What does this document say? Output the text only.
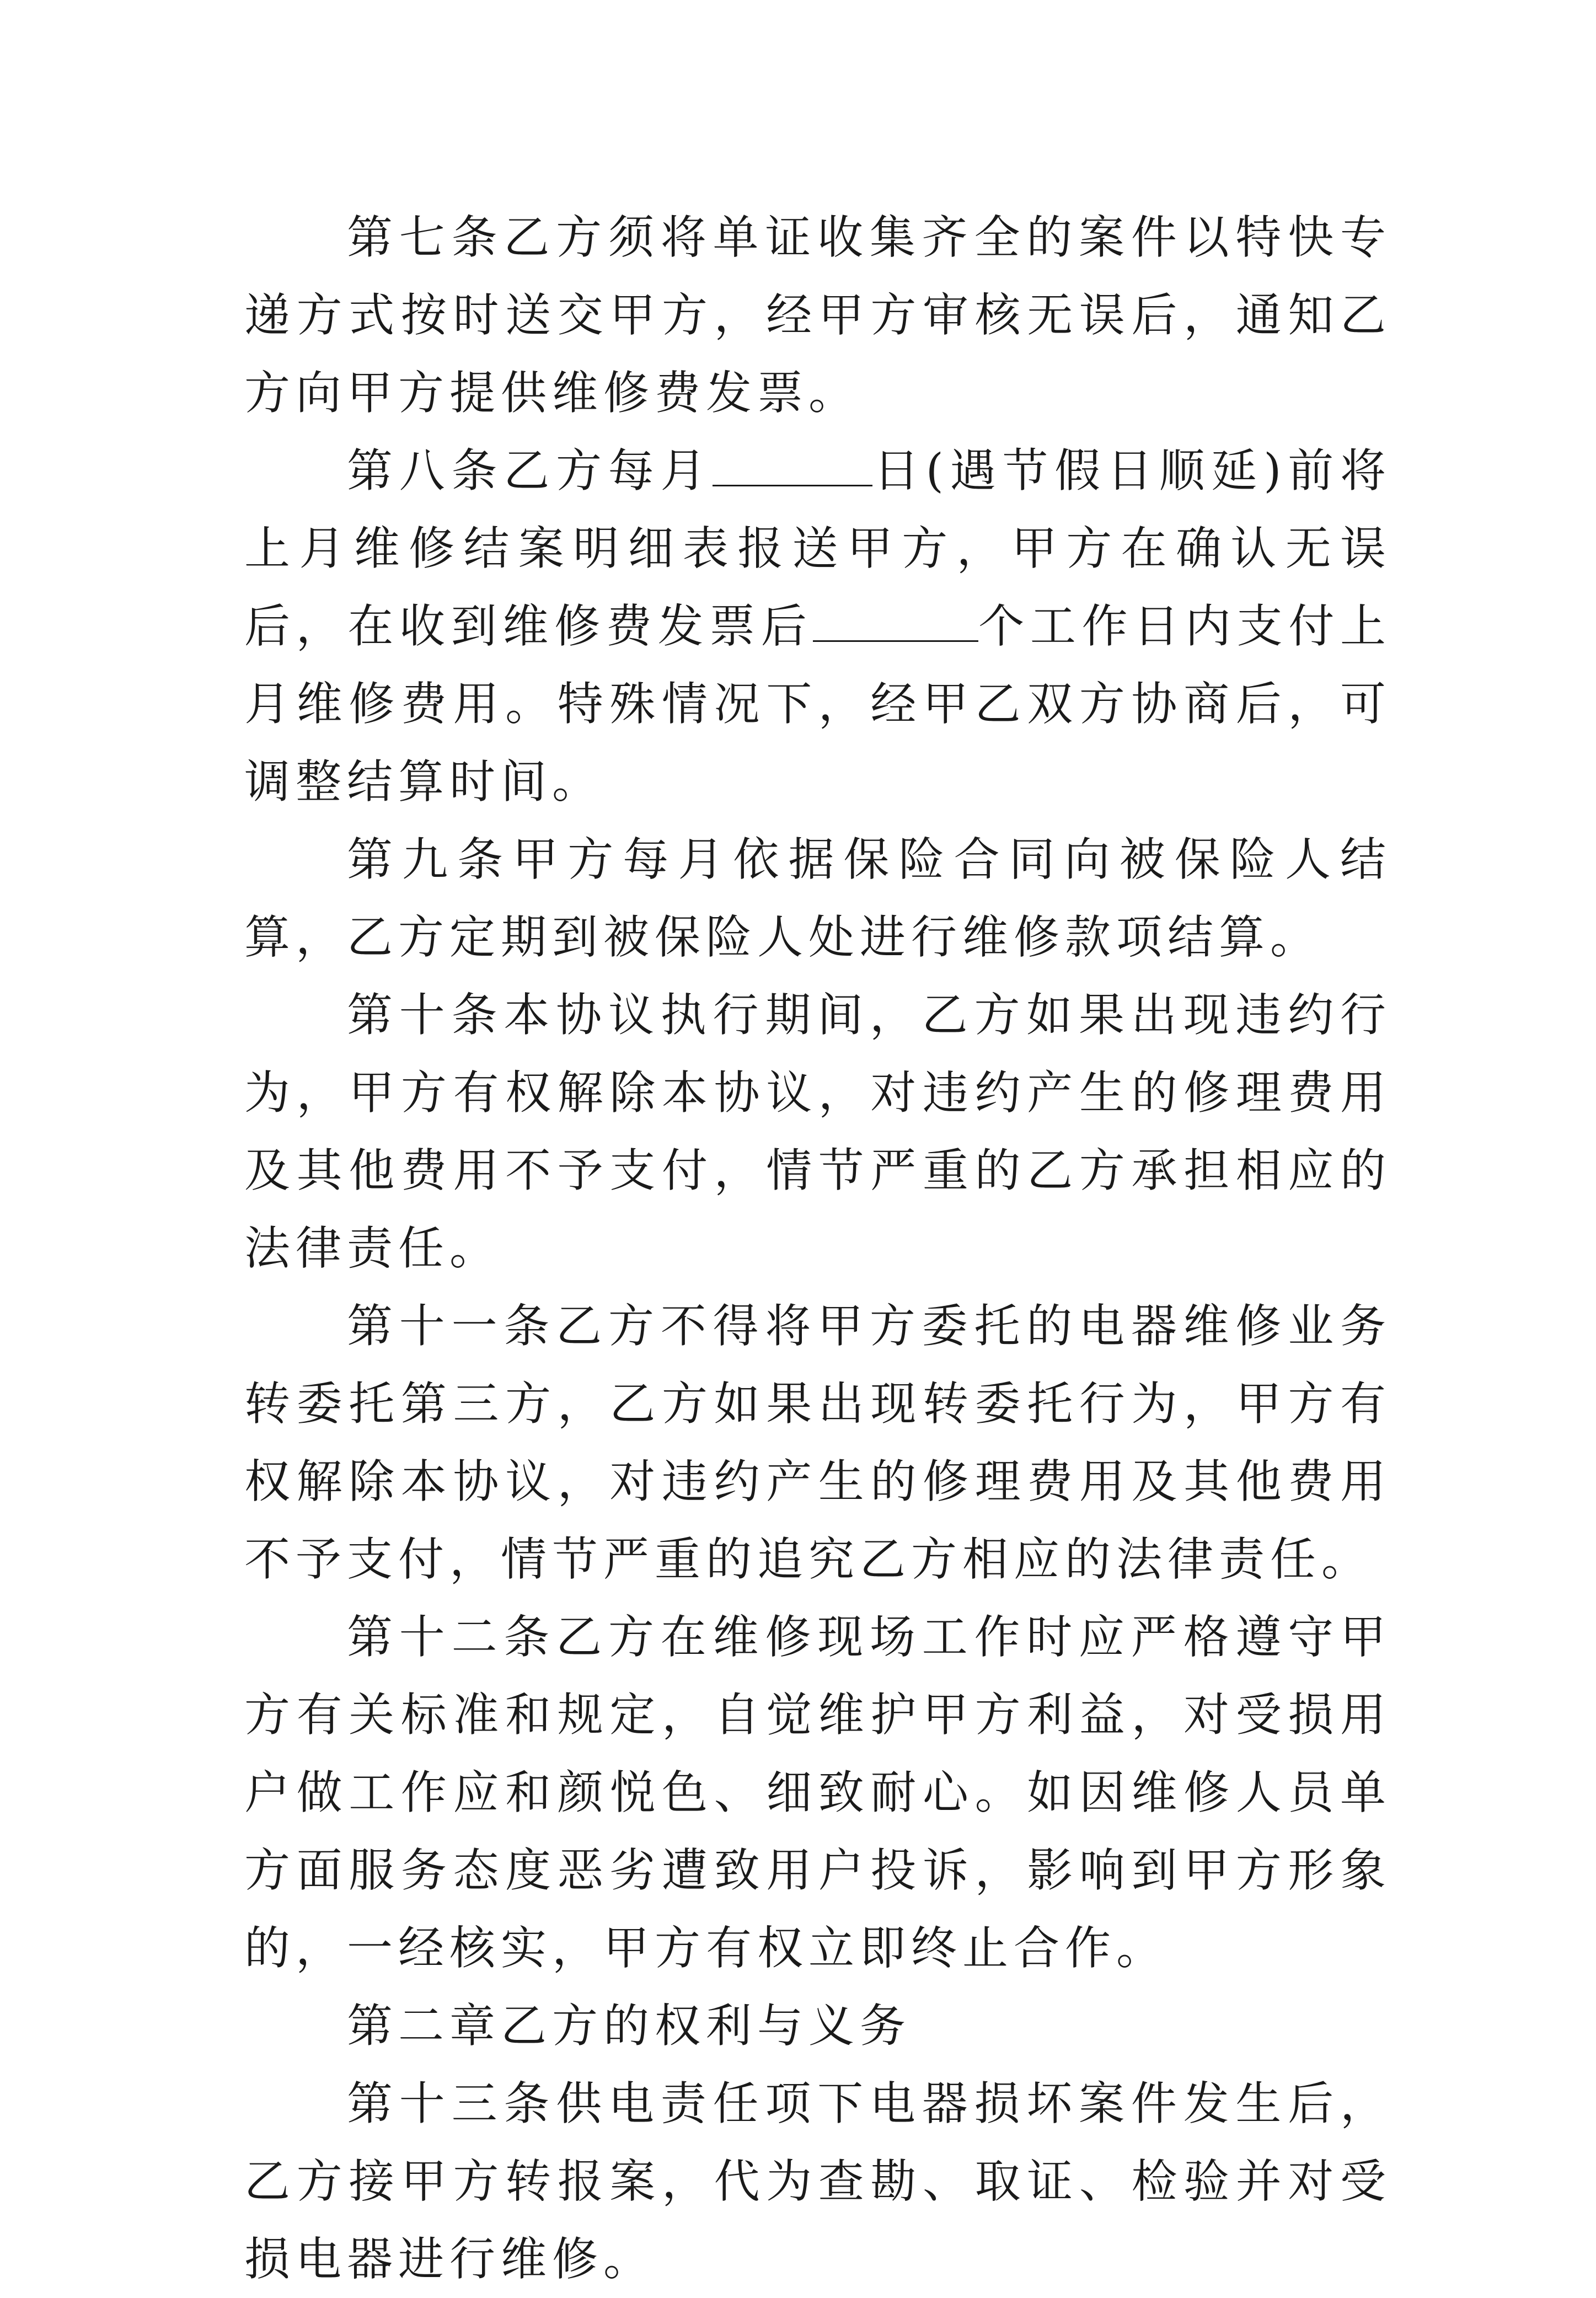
第七条乙方须将单证收集齐全的案件以特快专递方式按时送交甲方，经甲方审核无误后，通知乙方向甲方提供维修费发票。

第八条乙方每月	日(遇节假日顺延)前将上月维修结案明细表报送甲方，甲方在确认无误后，在收到维修费发票后	个工作日内支付上月维修费用。特殊情况下，经甲乙双方协商后，可调整结算时间。

第九条甲方每月依据保险合同向被保险人结算，乙方定期到被保险人处进行维修款项结算。

第十条本协议执行期间，乙方如果出现违约行为，甲方有权解除本协议，对违约产生的修理费用及其他费用不予支付，情节严重的乙方承担相应的法律责任。

第十一条乙方不得将甲方委托的电器维修业务转委托第三方，乙方如果出现转委托行为，甲方有权解除本协议，对违约产生的修理费用及其他费用不予支付，情节严重的追究乙方相应的法律责任。

第十二条乙方在维修现场工作时应严格遵守甲方有关标准和规定，自觉维护甲方利益，对受损用户做工作应和颜悦色、细致耐心。如因维修人员单方面服务态度恶劣遭致用户投诉，影响到甲方形象的，一经核实，甲方有权立即终止合作。

第二章乙方的权利与义务

第十三条供电责任项下电器损坏案件发生后，乙方接甲方转报案，代为查勘、取证、检验并对受损电器进行维修。
